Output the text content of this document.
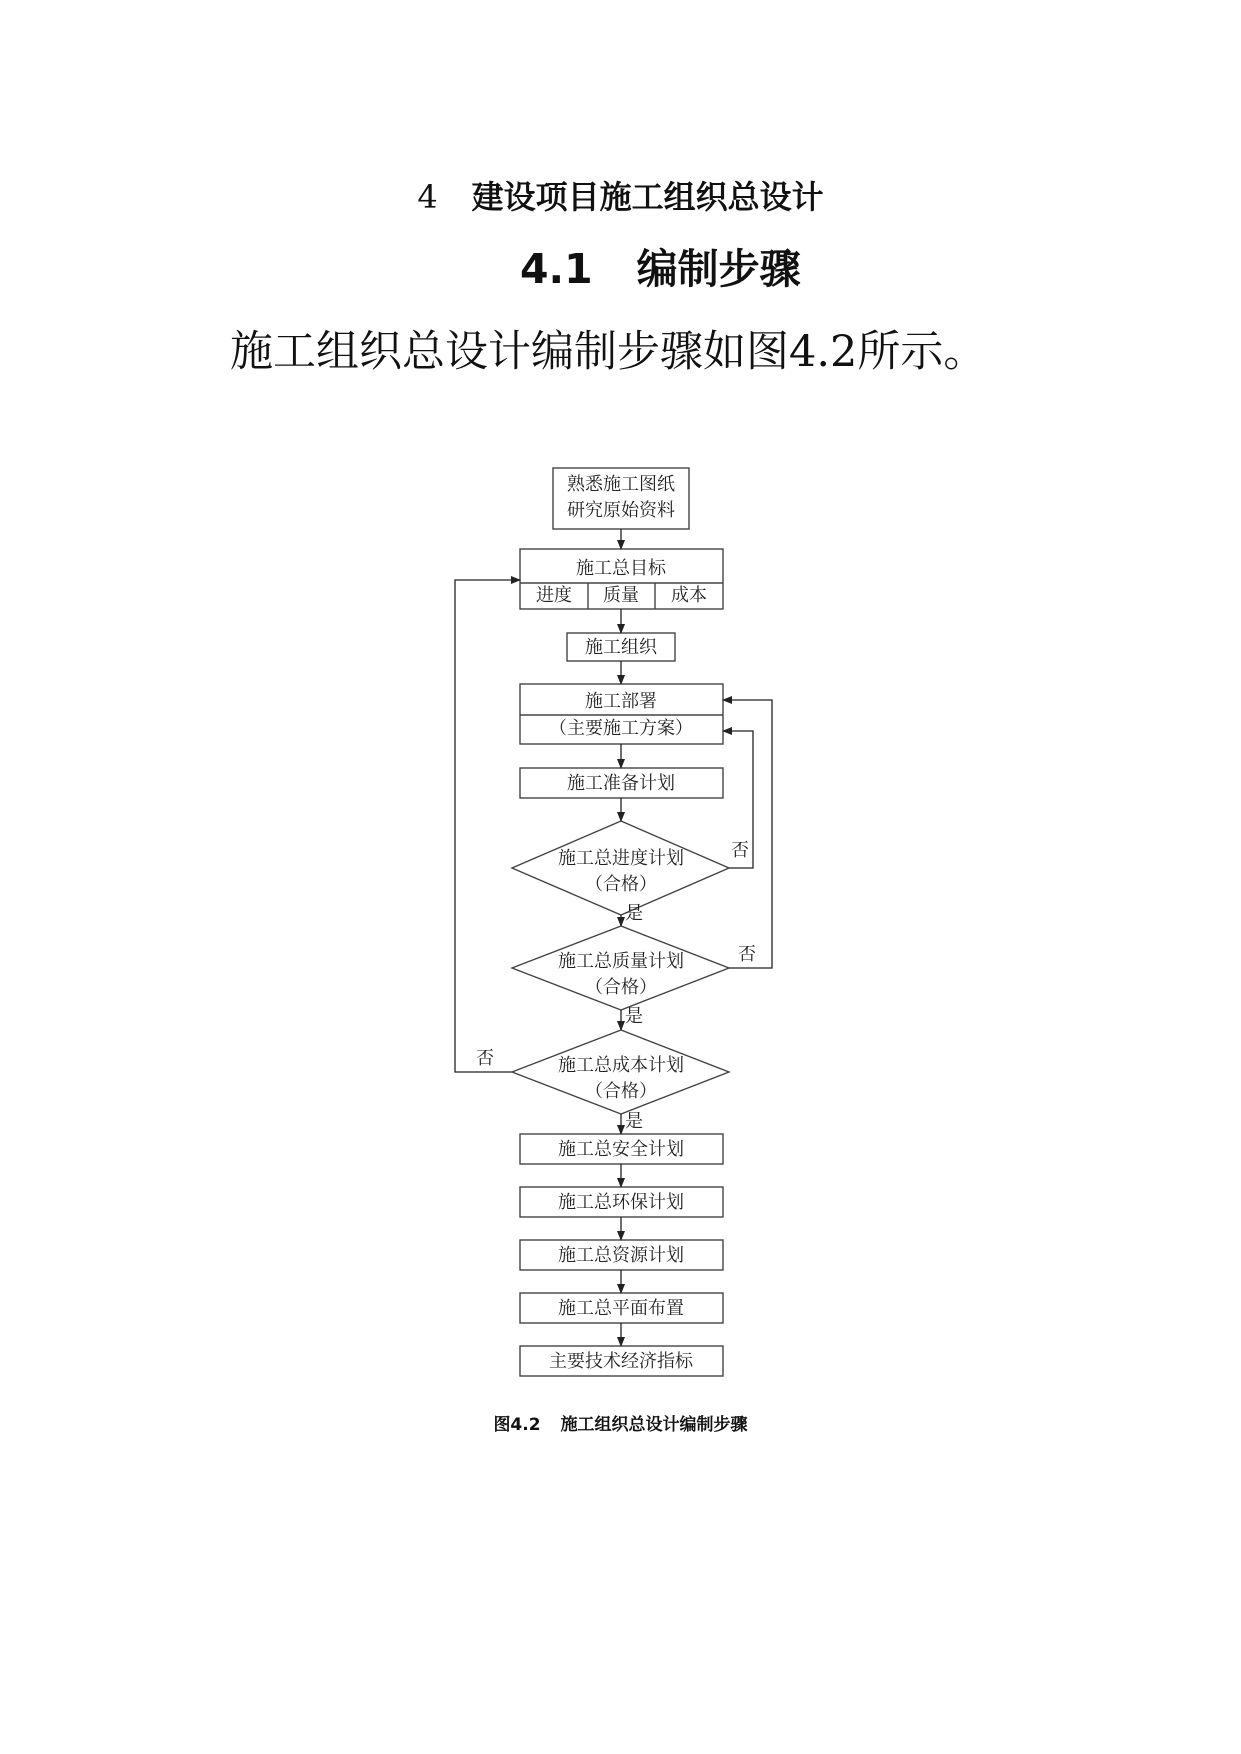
4 建设项目施工组织总设计
4.1 编制步骤
施工组织总设计编制步骤如图4.2所示。
熟悉施工图纸
研究原始资料
施工总目标
进度 质量 成本
施工组织
施工部署
（主要施工方案）
施工准备计划
施工总进度计划
（合格）
施工总质量计划
（合格）
施工总成本计划
（合格）
施工总安全计划
施工总环保计划
施工总资源计划
施工总平面布置
主要技术经济指标
否
否
否
是
是
是
图4.2 施工组织总设计编制步骤
